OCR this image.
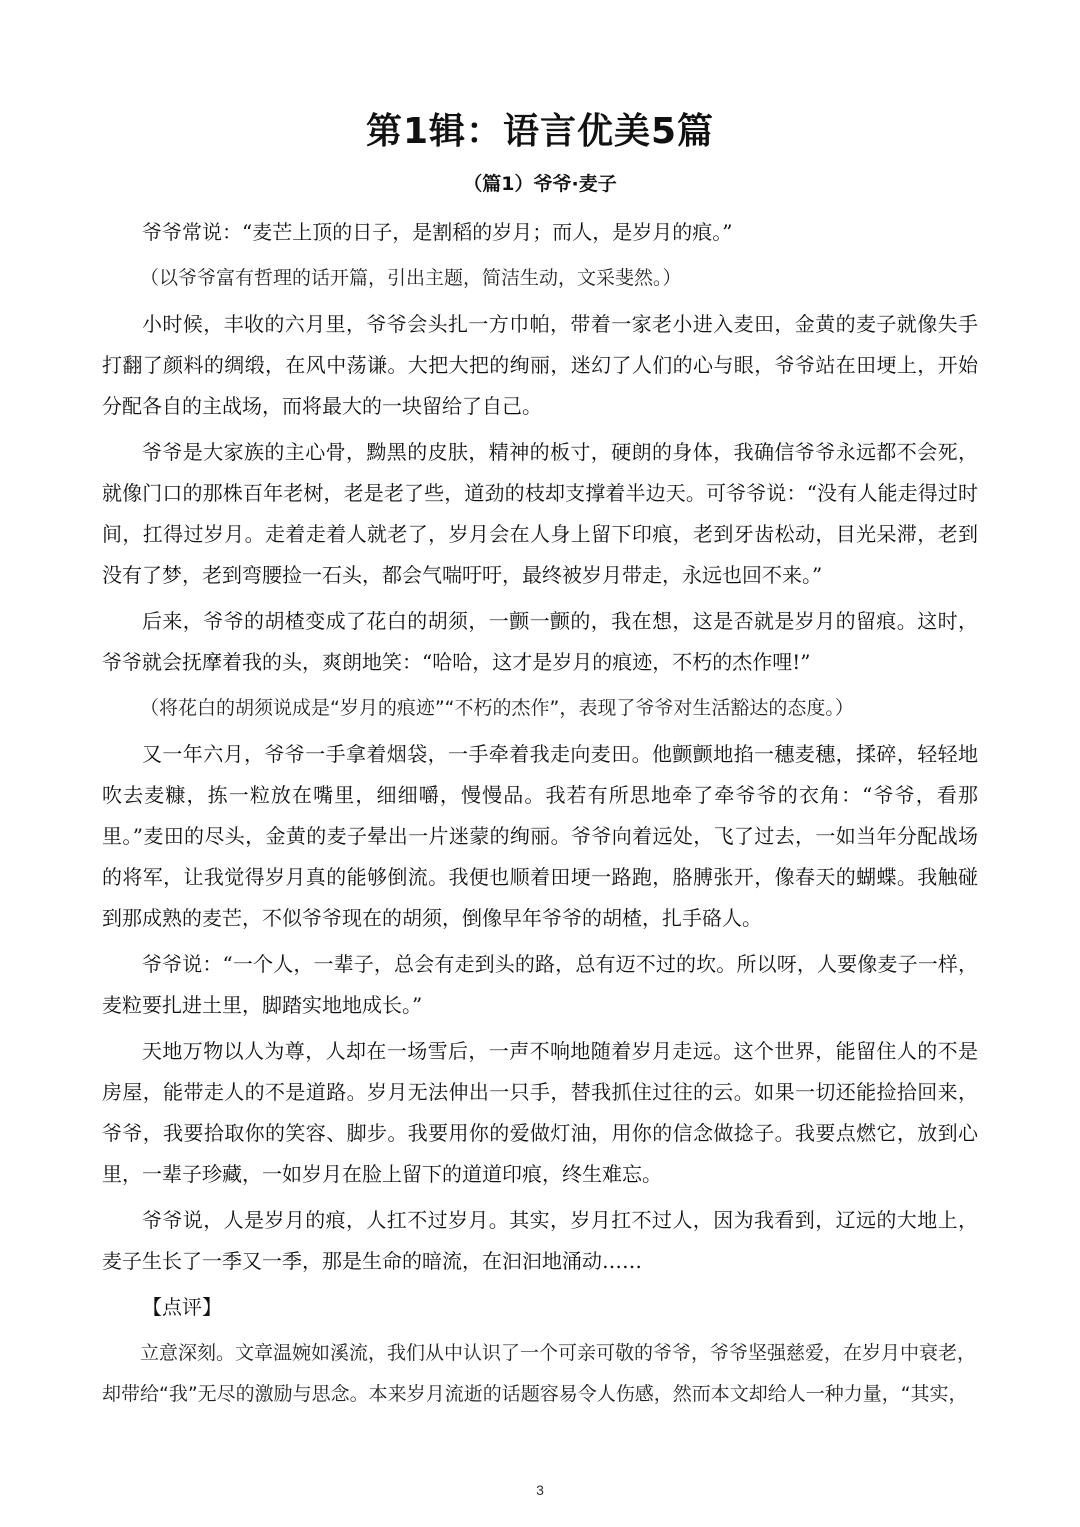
第1辑：语言优美5篇
（篇1）爷爷·麦子

爷爷常说：“麦芒上顶的日子，是割稻的岁月；而人，是岁月的痕。”

（以爷爷富有哲理的话开篇，引出主题，简洁生动，文采斐然。）

小时候，丰收的六月里，爷爷会头扎一方巾帕，带着一家老小进入麦田，金黄的麦子就像失手打翻了颜料的绸缎，在风中荡谦。大把大把的绚丽，迷幻了人们的心与眼，爷爷站在田埂上，开始分配各自的主战场，而将最大的一块留给了自己。

爷爷是大家族的主心骨，黝黑的皮肤，精神的板寸，硬朗的身体，我确信爷爷永远都不会死，就像门口的那株百年老树，老是老了些，道劲的枝却支撑着半边天。可爷爷说：“没有人能走得过时间，扛得过岁月。走着走着人就老了，岁月会在人身上留下印痕，老到牙齿松动，目光呆滞，老到没有了梦，老到弯腰捡一石头，都会气喘吁吁，最终被岁月带走，永远也回不来。”

后来，爷爷的胡楂变成了花白的胡须，一颤一颤的，我在想，这是否就是岁月的留痕。这时，爷爷就会抚摩着我的头，爽朗地笑：“哈哈，这才是岁月的痕迹，不朽的杰作哩!”

（将花白的胡须说成是“岁月的痕迹”“不朽的杰作”，表现了爷爷对生活豁达的态度。）

又一年六月，爷爷一手拿着烟袋，一手牵着我走向麦田。他颤颤地掐一穗麦穗，揉碎，轻轻地吹去麦糠，拣一粒放在嘴里，细细嚼，慢慢品。我若有所思地牵了牵爷爷的衣角：“爷爷，看那里。”麦田的尽头，金黄的麦子晕出一片迷蒙的绚丽。爷爷向着远处，飞了过去，一如当年分配战场的将军，让我觉得岁月真的能够倒流。我便也顺着田埂一路跑，胳膊张开，像春天的蝴蝶。我触碰到那成熟的麦芒，不似爷爷现在的胡须，倒像早年爷爷的胡楂，扎手硌人。

爷爷说：“一个人，一辈子，总会有走到头的路，总有迈不过的坎。所以呀，人要像麦子一样，麦粒要扎进土里，脚踏实地地成长。”

天地万物以人为尊，人却在一场雪后，一声不响地随着岁月走远。这个世界，能留住人的不是房屋，能带走人的不是道路。岁月无法伸出一只手，替我抓住过往的云。如果一切还能捡拾回来，爷爷，我要拾取你的笑容、脚步。我要用你的爱做灯油，用你的信念做捻子。我要点燃它，放到心里，一辈子珍藏，一如岁月在脸上留下的道道印痕，终生难忘。

爷爷说，人是岁月的痕，人扛不过岁月。其实，岁月扛不过人，因为我看到，辽远的大地上，麦子生长了一季又一季，那是生命的暗流，在汩汩地涌动……

【点评】

立意深刻。文章温婉如溪流，我们从中认识了一个可亲可敬的爷爷，爷爷坚强慈爱，在岁月中衰老，却带给“我”无尽的激励与思念。本来岁月流逝的话题容易令人伤感，然而本文却给人一种力量，“其实，

3
